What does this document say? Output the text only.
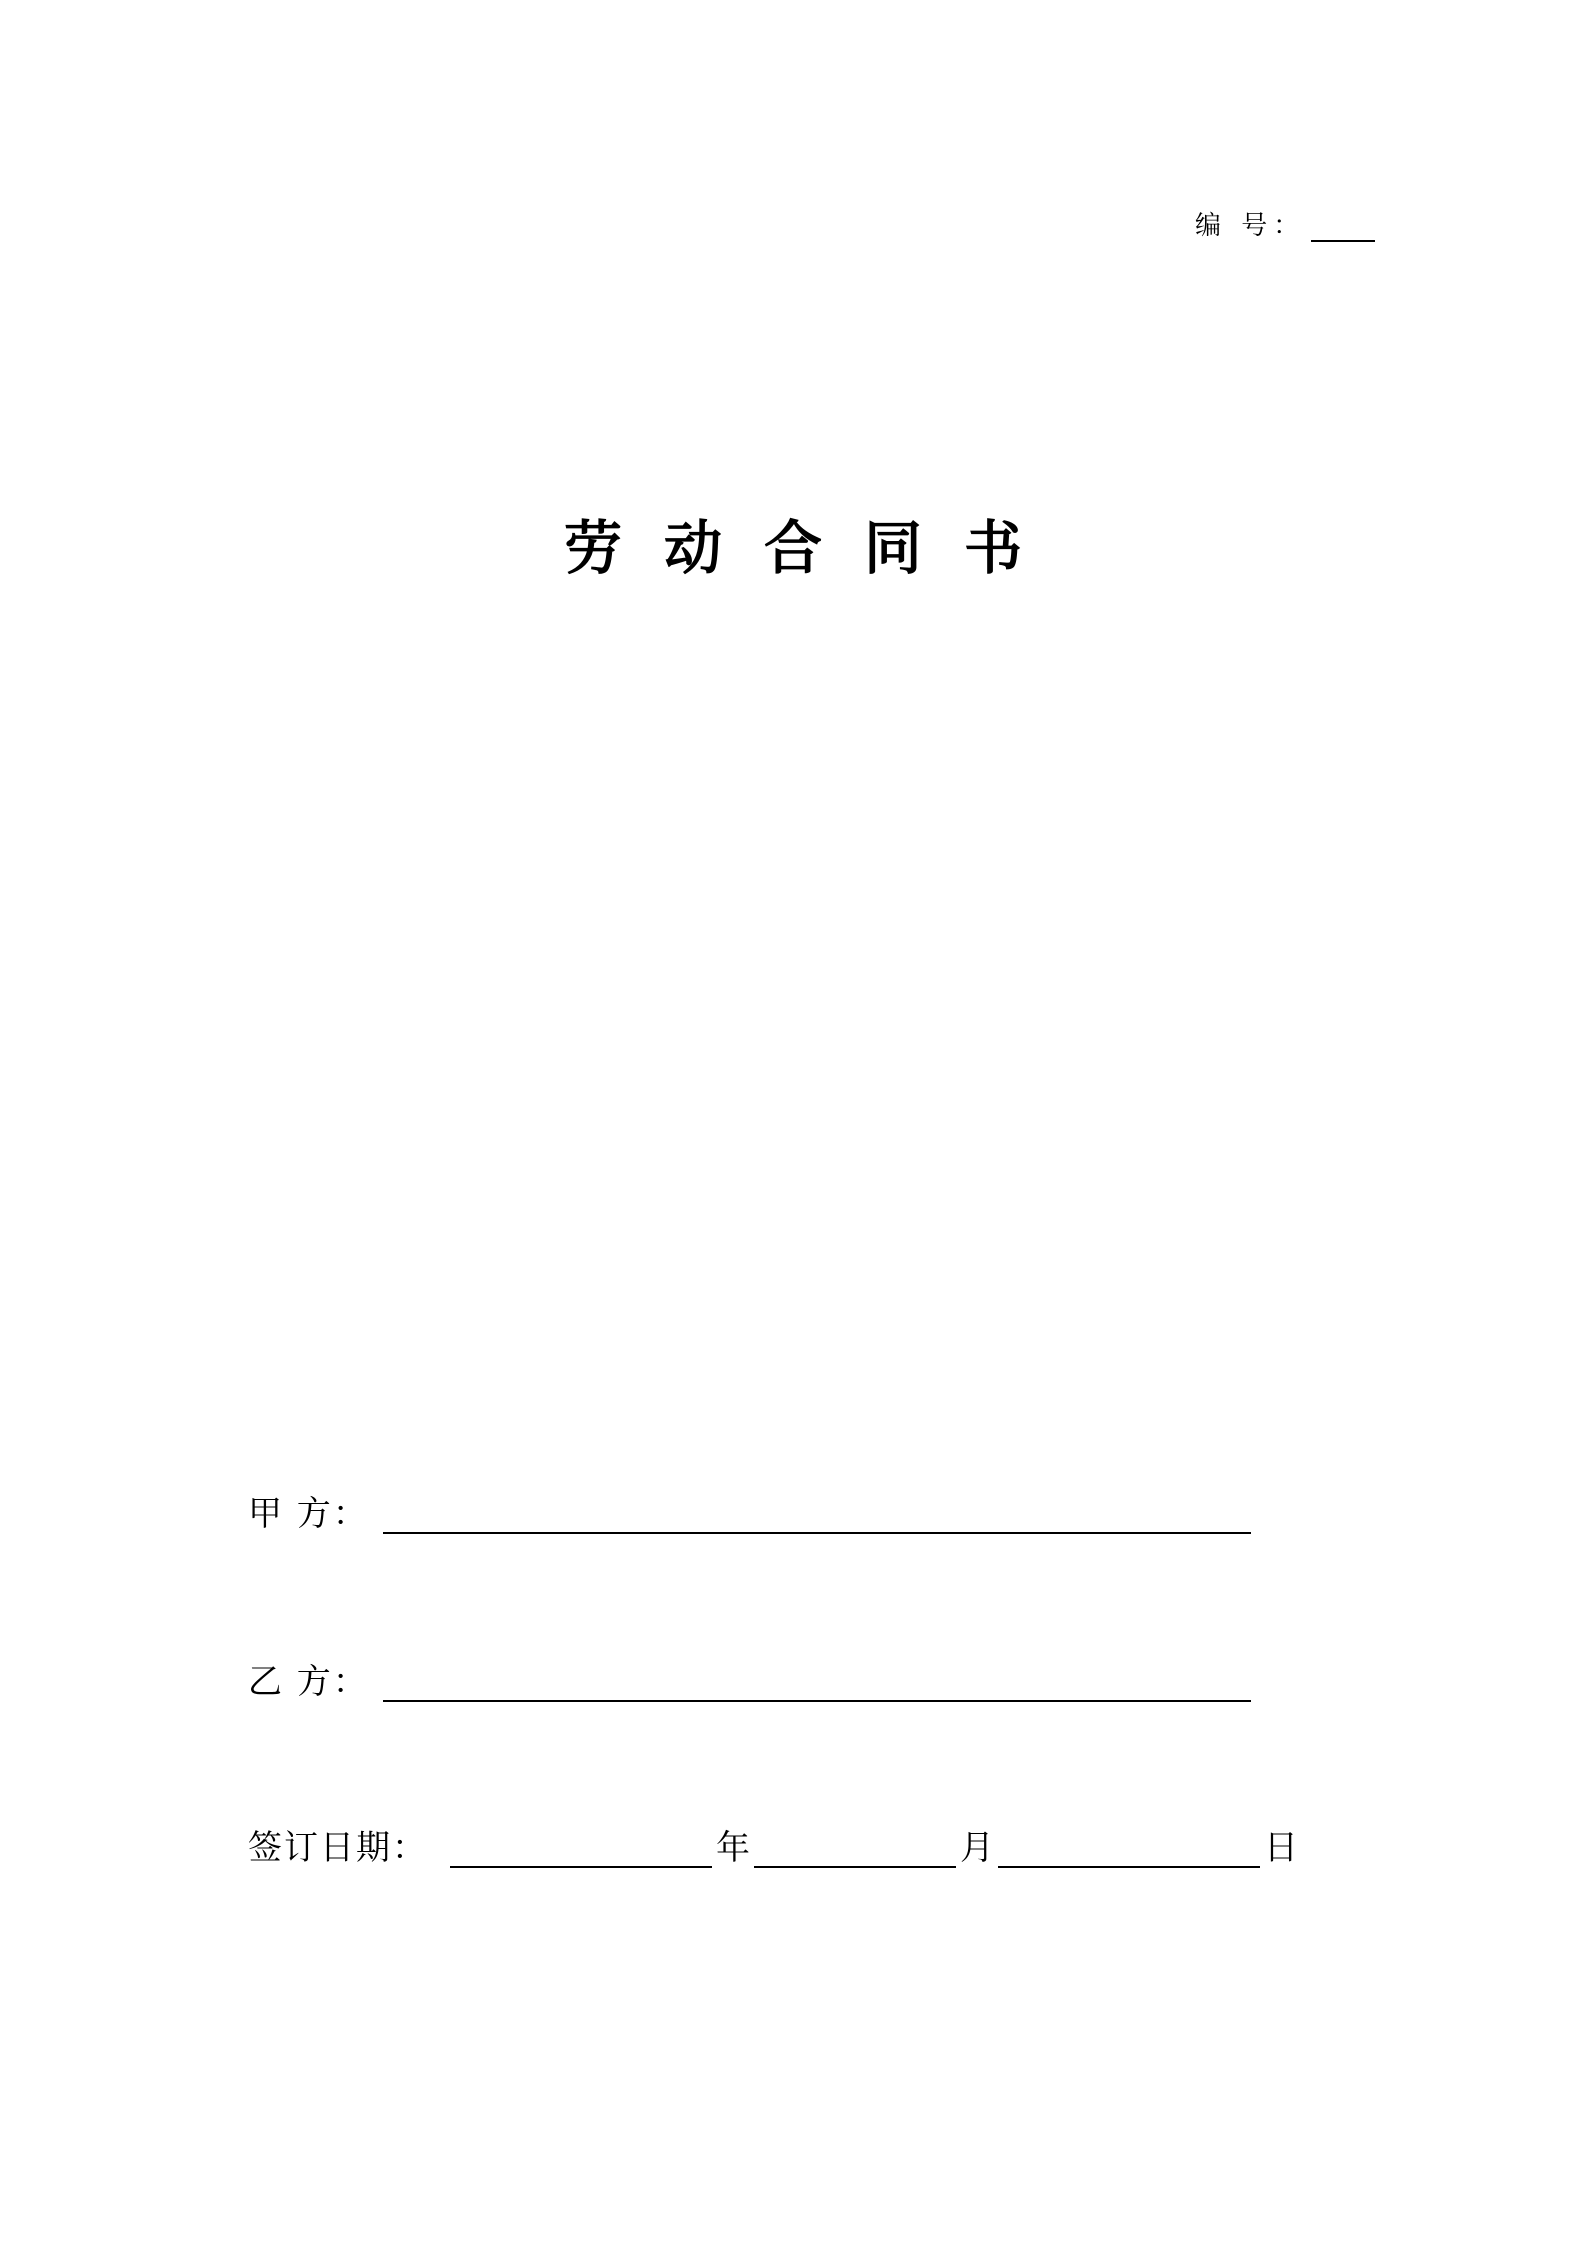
编 号：
劳 动 合 同 书
甲 方：
乙 方：
签订日期：	年	月	日
